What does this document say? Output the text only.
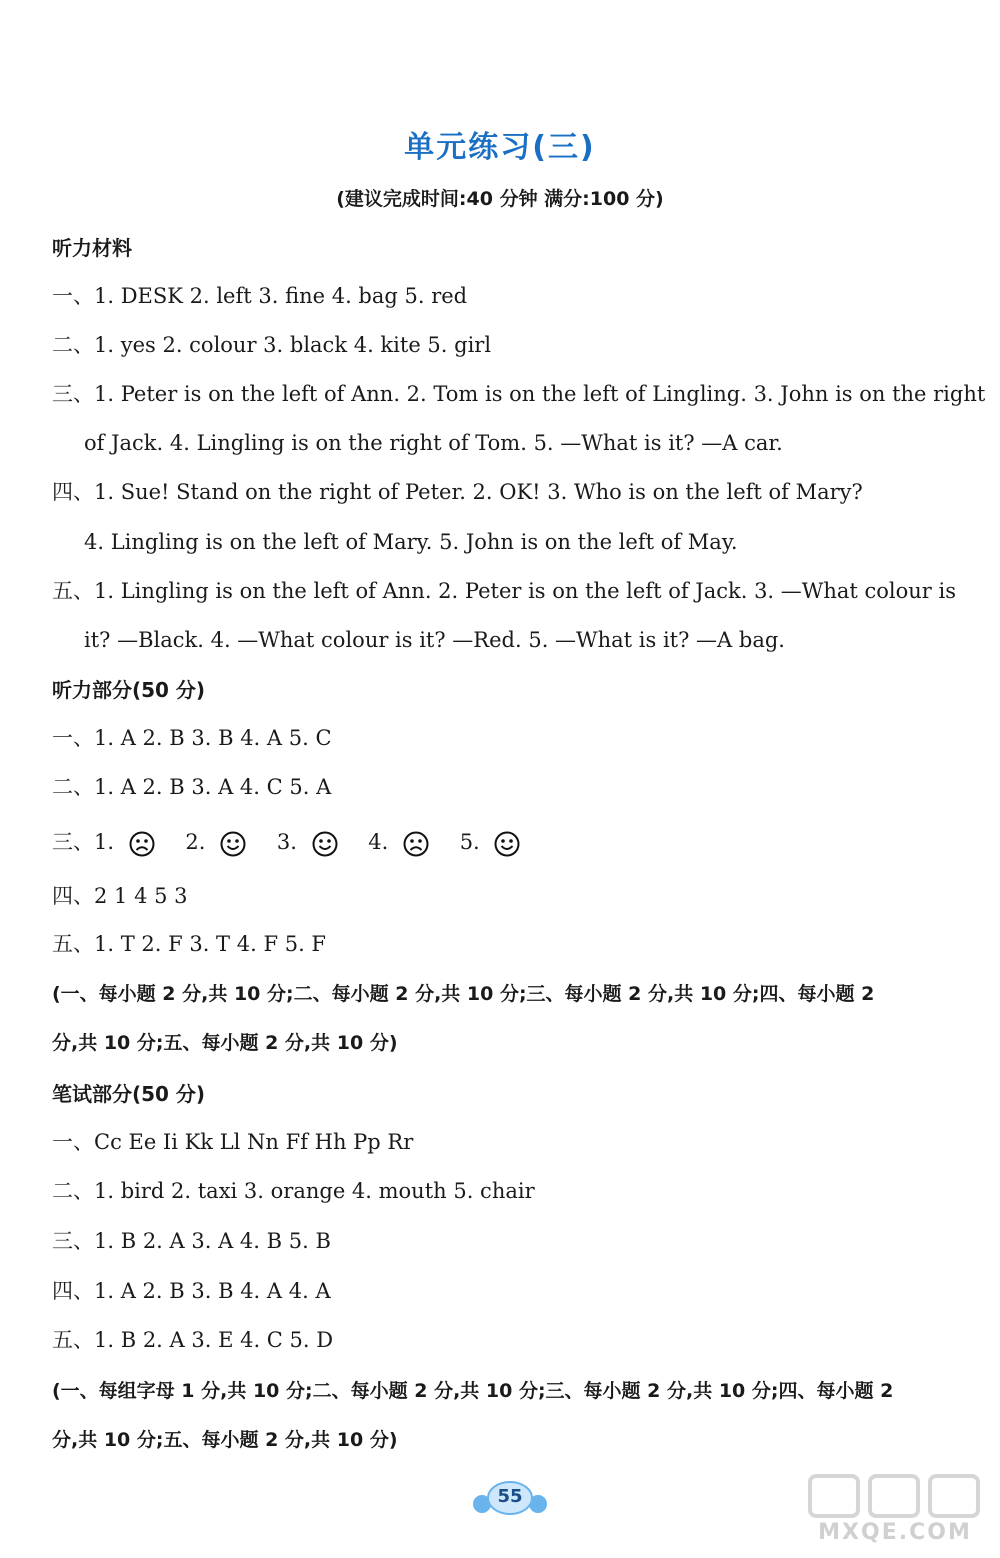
单元练习(三)
(建议完成时间:40 分钟 满分:100 分)
听力材料
一、1. DESK 2. left 3. fine 4. bag 5. red
二、1. yes 2. colour 3. black 4. kite 5. girl
三、1. Peter is on the left of Ann. 2. Tom is on the left of Lingling. 3. John is on the right
of Jack. 4. Lingling is on the right of Tom. 5. —What is it? —A car.
四、1. Sue! Stand on the right of Peter. 2. OK! 3. Who is on the left of Mary?
4. Lingling is on the left of Mary. 5. John is on the left of May.
五、1. Lingling is on the left of Ann. 2. Peter is on the left of Jack. 3. —What colour is
it? —Black. 4. —What colour is it? —Red. 5. —What is it? —A bag.
听力部分(50 分)
一、1. A 2. B 3. B 4. A 5. C
二、1. A 2. B 3. A 4. C 5. A
三、1.	2.	3.	4.	5.
四、2 1 4 5 3
五、1. T 2. F 3. T 4. F 5. F
(一、每小题 2 分,共 10 分;二、每小题 2 分,共 10 分;三、每小题 2 分,共 10 分;四、每小题 2
分,共 10 分;五、每小题 2 分,共 10 分)
笔试部分(50 分)
一、Cc Ee Ii Kk Ll Nn Ff Hh Pp Rr
二、1. bird 2. taxi 3. orange 4. mouth 5. chair
三、1. B 2. A 3. A 4. B 5. B
四、1. A 2. B 3. B 4. A 4. A
五、1. B 2. A 3. E 4. C 5. D
(一、每组字母 1 分,共 10 分;二、每小题 2 分,共 10 分;三、每小题 2 分,共 10 分;四、每小题 2
分,共 10 分;五、每小题 2 分,共 10 分)
55
MXQE.COM
